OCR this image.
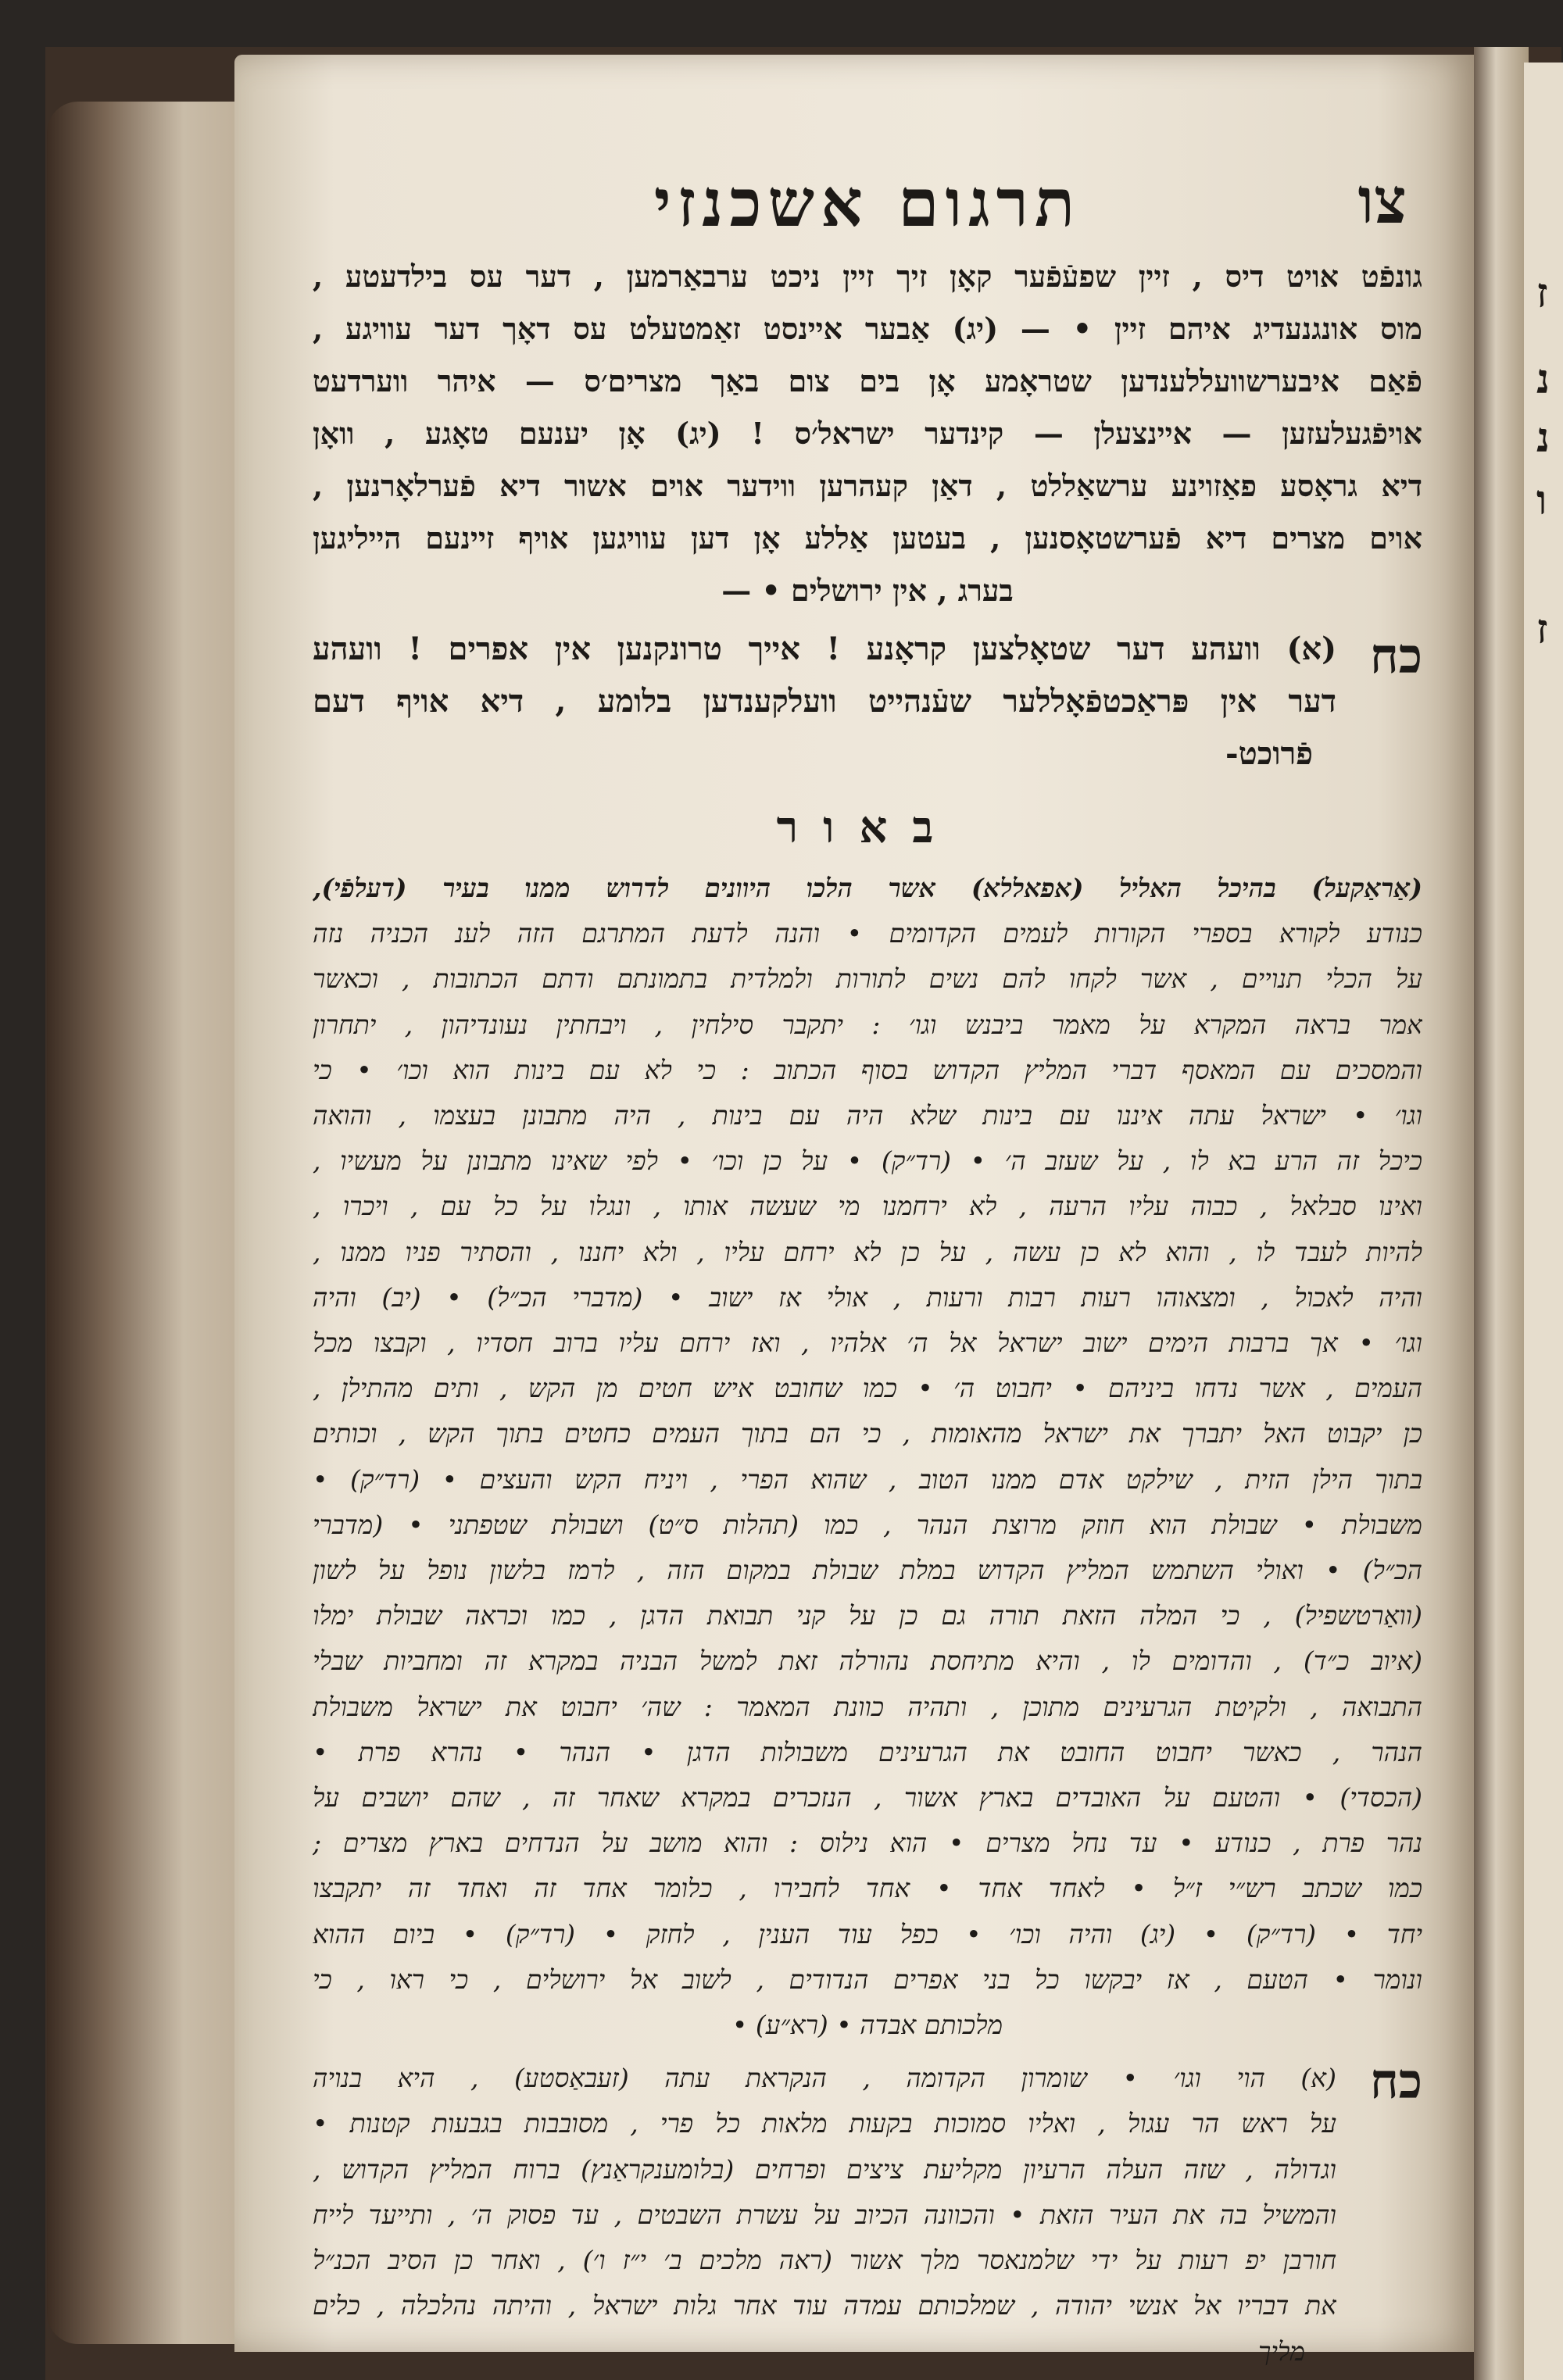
ז
נ
נ
ו
ז
צו
תרגום אשכנזי
גונפֿט אויט דיס , זיין שפעֿפֿער קאָן זיך זיין ניכט ערבאַרמען , דער עס בילדעטע ,
מוס אונגנעדיג איהם זיין • — (יג) אַבער איינסט זאַמטעלט עס דאָך דער עוויגע ,
פֿאַם איבערשוועללענדען שטראָמע אָן בים צום באַך מצרים׳ס — איהר ווערדעט
אויפֿגעלעזען — איינצעלן — קינדער ישראל׳ס ! (יג) אָן יענעם טאָגע , וואָן
דיא גראָסע פאַזוינע ערשאַללט , דאַן קעהרען ווידער אוים אשור דיא פֿערלאָרנען ,
אוים מצרים דיא פֿערשטאָסנען , בעטען אַללע אָן דען עוויגען אויף זיינעם הייליגען
בערג , אין ירושלים • —
כח
(א) וועהע דער שטאָלצען קראָנע ! אייך טרונקנען אין אפרים ! וועהע
דער אין פּראַכטפֿאָללער שעֿנהייט וועלקענדען בלומע , דיא אויף דעם
פֿרוכט-
באור
(אַראַקעל) בהיכל האליל (אפאללא) אשר הלכו היוונים לדרוש ממנו בעיר (דעלפֿי),
כנודע לקורא בספרי הקורות לעמים הקדומים • והנה לדעת המתרגם הזה לענ הכניה נזה
על הכלי תנויים , אשר לקחו להם נשים לתורות ולמלדית בתמונתם ודתם הכתובות , וכאשר
אמר בראה המקרא על מאמר ביבנש וגו׳ : יתקבר סילחין , ויבחתין נעונדיהון , יתחרון
והמסכים עם המאסף דברי המליץ הקדוש בסוף הכתוב : כי לא עם בינות הוא וכו׳ • כי
וגו׳ • ישראל עתה איננו עם בינות שלא היה עם בינות , היה מתבונן בעצמו , והואה
כיכל זה הרע בא לו , על שעזב ה׳ • (רד״ק) • על כן וכו׳ • לפי שאינו מתבונן על מעשיו ,
ואינו סבלאל , כבוה עליו הרעה , לא ירחמנו מי שעשה אותו , ונגלו על כל עם , ויכרו ,
להיות לעבד לו , והוא לא כן עשה , על כן לא ירחם עליו , ולא יחננו , והסתיר פניו ממנו ,
והיה לאכול , ומצאוהו רעות רבות ורעות , אולי אז ישוב • (מדברי הכ״ל) • (יב) והיה
וגו׳ • אך ברבות הימים ישוב ישראל אל ה׳ אלהיו , ואז ירחם עליו ברוב חסדיו , וקבצו מכל
העמים , אשר נדחו ביניהם • יחבוט ה׳ • כמו שחובט איש חטים מן הקש , ותים מהתילן ,
כן יקבוט האל יתברך את ישראל מהאומות , כי הם בתוך העמים כחטים בתוך הקש , וכותים
בתוך הילן הזית , שילקט אדם ממנו הטוב , שהוא הפרי , ויניח הקש והעצים • (רד״ק) •
משבולת • שבולת הוא חוזק מרוצת הנהר , כמו (תהלות ס״ט) ושבולת שטפתני • (מדברי
הכ״ל) • ואולי השתמש המליץ הקדוש במלת שבולת במקום הזה , לרמז בלשון נופל על לשון
(וואַרטשפיל) , כי המלה הזאת תורה גם כן על קני תבואת הדגן , כמו וכראה שבולת ימלו
(איוב כ״ד) , והדומים לו , והיא מתיחסת נהורלה זאת למשל הבניה במקרא זה ומחביות שבלי
התבואה , ולקיטת הגרעינים מתוכן , ותהיה כוונת המאמר : שה׳ יחבוט את ישראל משבולת
הנהר , כאשר יחבוט החובט את הגרעינים משבולות הדגן • הנהר • נהרא פרת •
(הכסדי) • והטעם על האובדים בארץ אשור , הנזכרים במקרא שאחר זה , שהם יושבים על
נהר פרת , כנודע • עד נחל מצרים • הוא נילוס : והוא מושב על הנדחים בארץ מצרים ;
כמו שכתב רש״י ז״ל • לאחד אחד • אחד לחבירו , כלומר אחד זה ואחד זה יתקבצו
יחד • (רד״ק) • (יג) והיה וכו׳ • כפל עוד הענין , לחזק • (רד״ק) • ביום ההוא
ונומר • הטעם , אז יבקשו כל בני אפרים הנדודים , לשוב אל ירושלים , כי ראו , כי
מלכותם אבדה • (רא״ע) •
כח
(א) הוי וגו׳ • שומרון הקדומה , הנקראת עתה (זעבאַסטע) , היא בנויה
על ראש הר עגול , ואליו סמוכות בקעות מלאות כל פרי , מסובבות בגבעות קטנות •
וגדולה , שזה העלה הרעיון מקליעת ציצים ופרחים (בלומענקראַנץ) ברוח המליץ הקדוש ,
והמשיל בה את העיר הזאת • והכוונה הכיוב על עשרת השבטים , עד פסוק ה׳ , ותייעד לייח
חורבן יפ רעות על ידי שלמנאסר מלך אשור (ראה מלכים ב׳ י״ז ו׳) , ואחר כן הסיב הכנ״ל
את דבריו אל אנשי יהודה , שמלכותם עמדה עוד אחר גלות ישראל , והיתה נהלכלה , כלים
מליך
